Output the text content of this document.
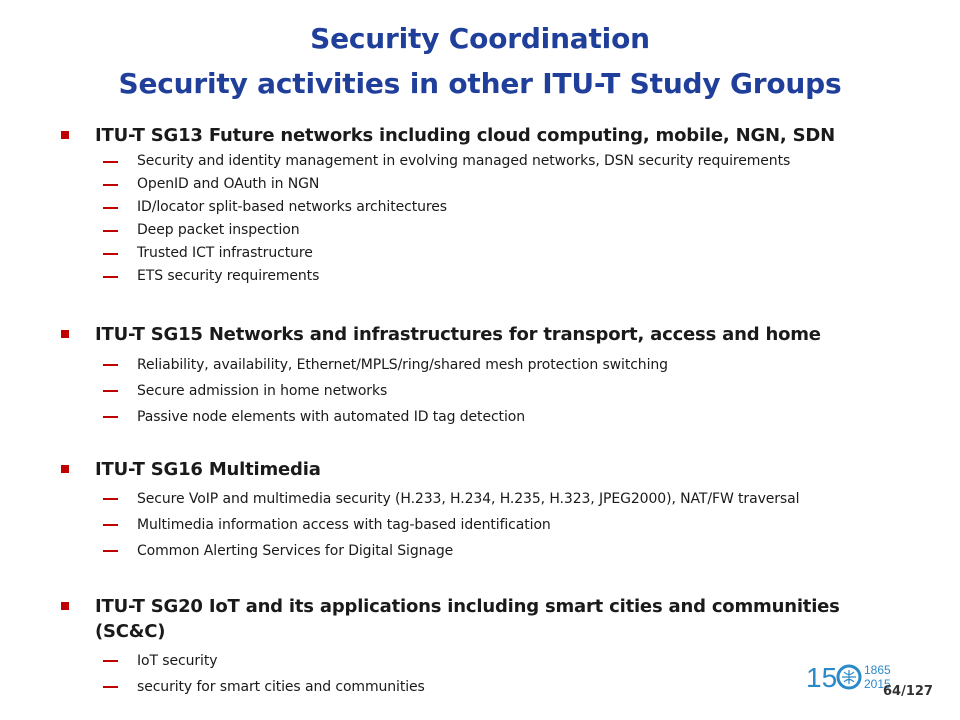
Security Coordination
Security activities in other ITU-T Study Groups
ITU-T SG13 Future networks including cloud computing, mobile, NGN, SDN
Security and identity management in evolving managed networks, DSN security requirements
OpenID and OAuth in NGN
ID/locator split-based networks architectures
Deep packet inspection
Trusted ICT infrastructure
ETS security requirements
ITU-T SG15 Networks and infrastructures for transport, access and home
Reliability, availability, Ethernet/MPLS/ring/shared mesh protection switching
Secure admission in home networks
Passive node elements with automated ID tag detection
ITU-T SG16 Multimedia
Secure VoIP and multimedia security (H.233, H.234, H.235, H.323, JPEG2000), NAT/FW traversal
Multimedia information access with tag-based identification
Common Alerting Services for Digital Signage
ITU-T SG20 IoT and its applications including smart cities and communities
(SC&C)
IoT security
security for smart cities and communities	15 1865
2015
64/127
